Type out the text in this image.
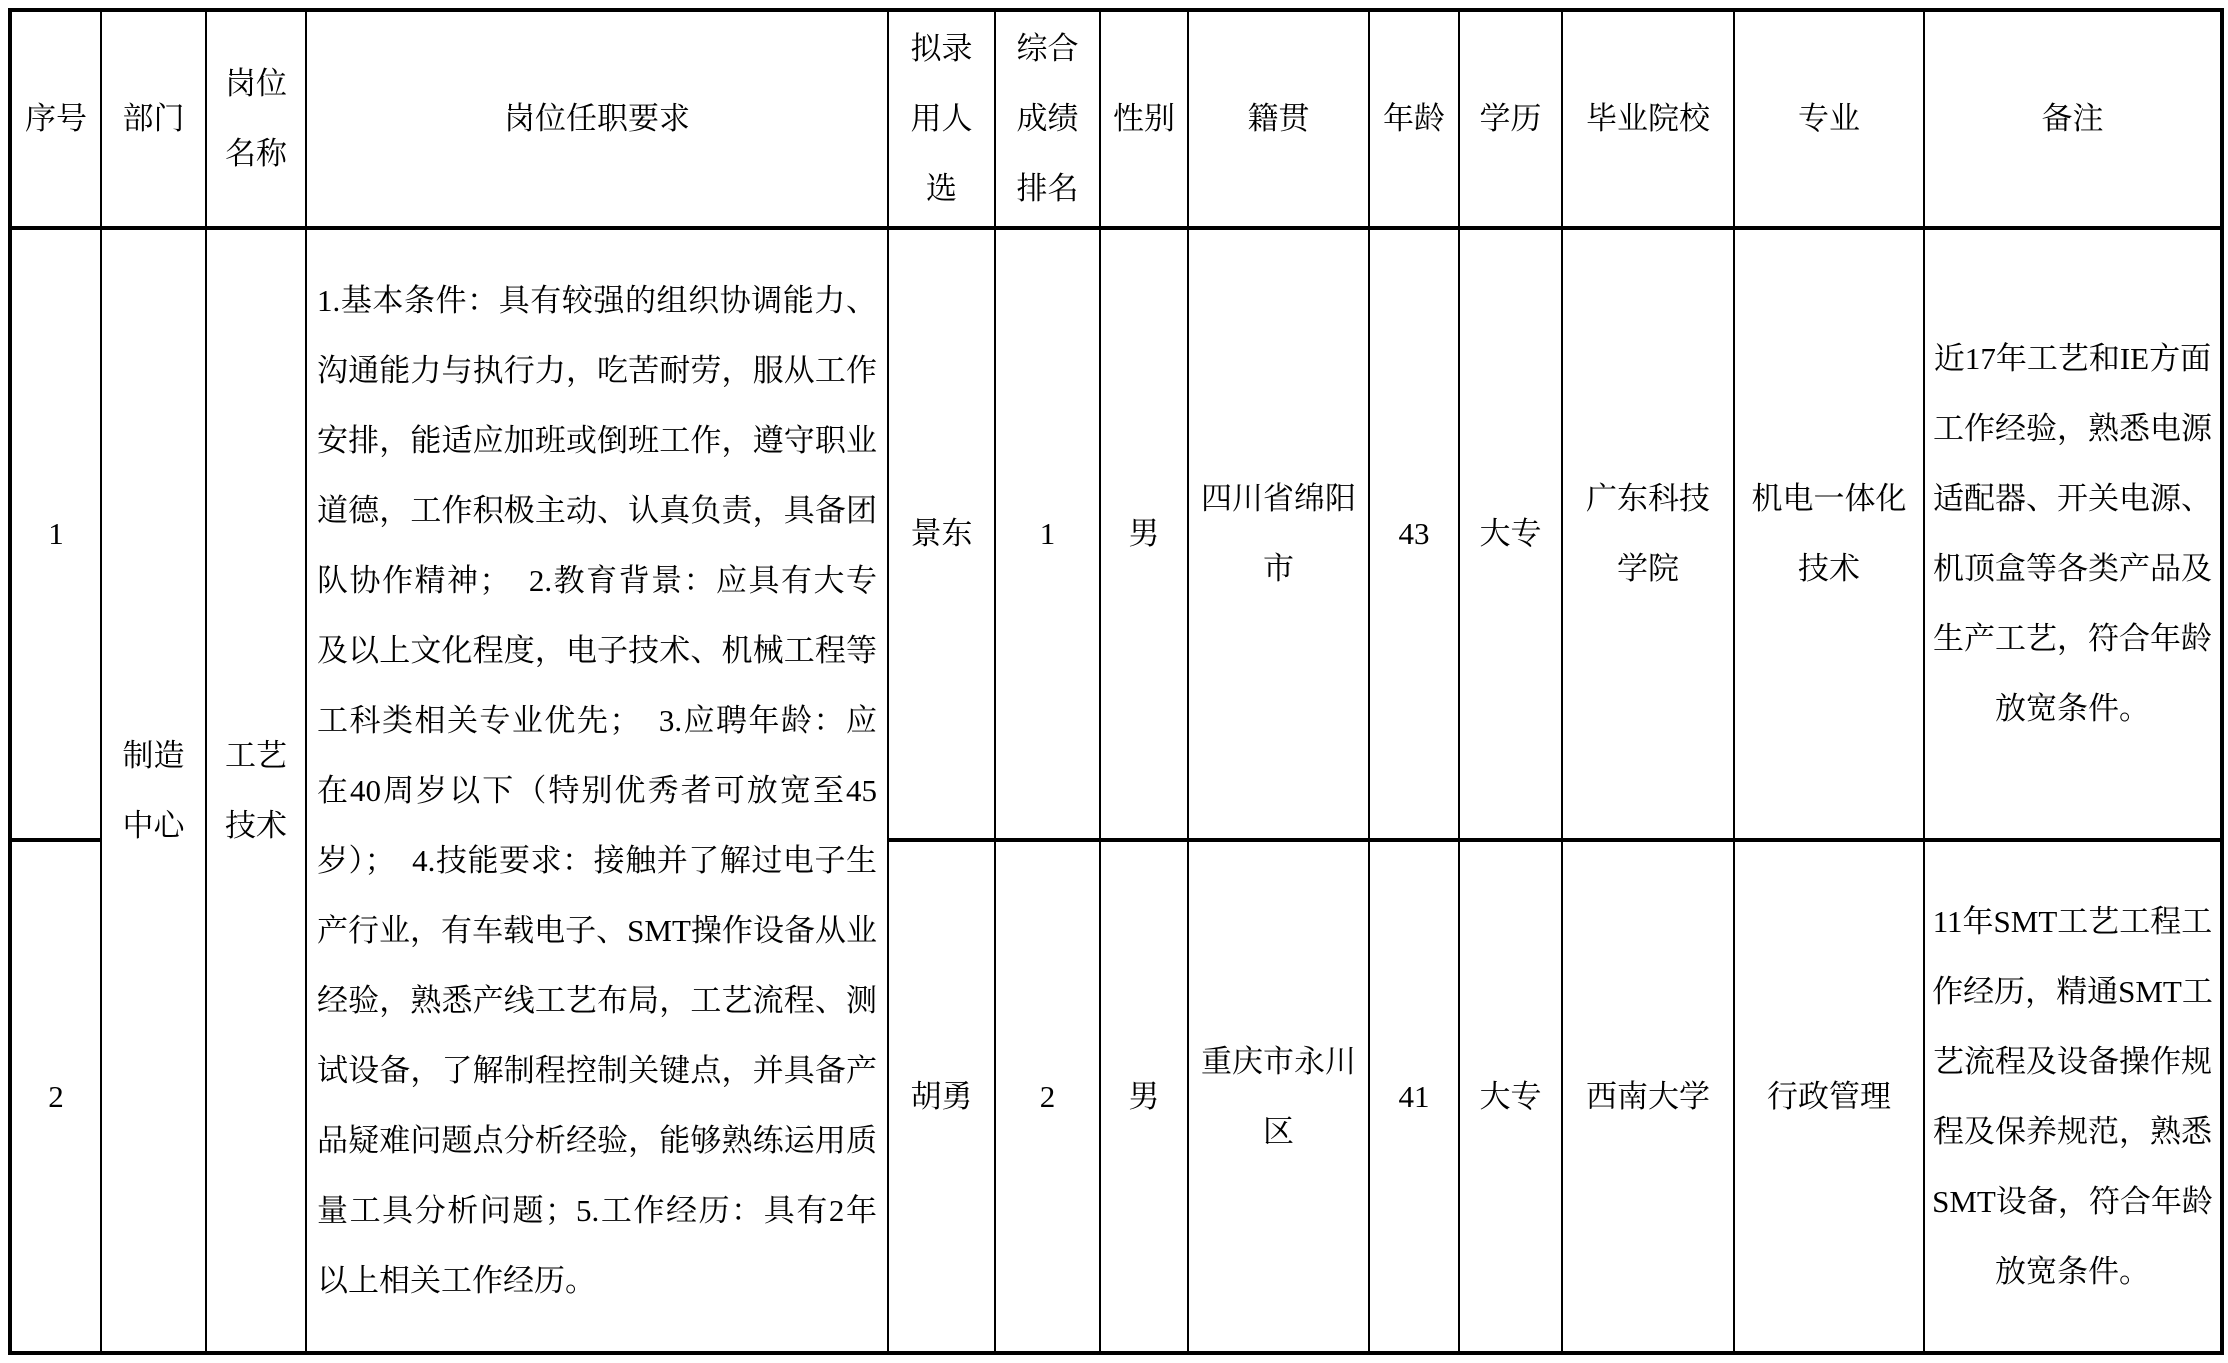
序号	部门	岗位名称	岗位任职要求	拟录用人选	综合成绩排名	性别	籍贯	年龄	学历	毕业院校	专业	备注
1	制造中心	工艺技术	1.基本条件：具有较强的组织协调能力、沟通能力与执行力，吃苦耐劳，服从工作安排，能适应加班或倒班工作，遵守职业道德，工作积极主动、认真负责，具备团队协作精神；　2.教育背景：应具有大专及以上文化程度，电子技术、机械工程等工科类相关专业优先；　3.应聘年龄：应在40周岁以下（特别优秀者可放宽至45岁）；　4.技能要求：接触并了解过电子生产行业，有车载电子、SMT操作设备从业经验，熟悉产线工艺布局，工艺流程、测试设备，了解制程控制关键点，并具备产品疑难问题点分析经验，能够熟练运用质量工具分析问题；5.工作经历：具有2年以上相关工作经历。	景东	1	男	四川省绵阳市	43	大专	广东科技学院	机电一体化技术	近17年工艺和IE方面工作经验，熟悉电源适配器、开关电源、机顶盒等各类产品及生产工艺，符合年龄放宽条件。
2				胡勇	2	男	重庆市永川区	41	大专	西南大学	行政管理	11年SMT工艺工程工作经历，精通SMT工艺流程及设备操作规程及保养规范，熟悉SMT设备，符合年龄放宽条件。
